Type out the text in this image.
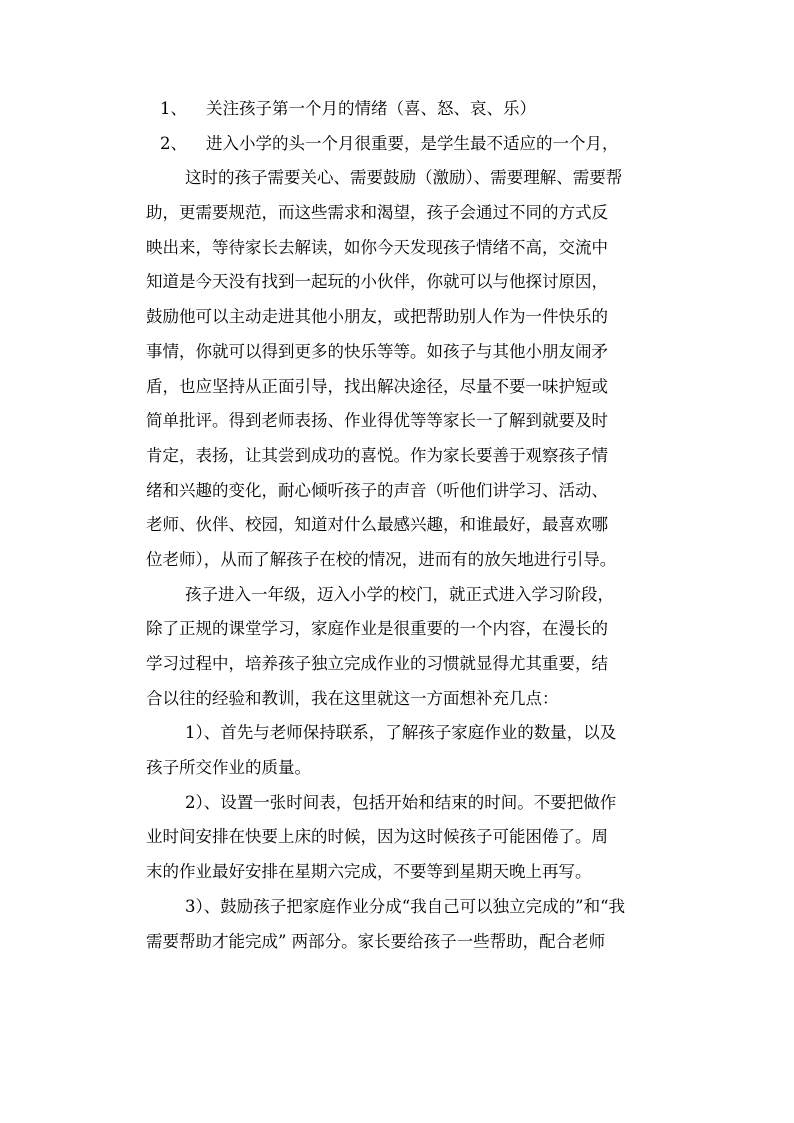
1、 关注孩子第一个月的情绪（喜、怒、哀、乐）
2、 进入小学的头一个月很重要，是学生最不适应的一个月，
这时的孩子需要关心、需要鼓励（激励）、需要理解、需要帮
助，更需要规范，而这些需求和渴望，孩子会通过不同的方式反
映出来，等待家长去解读，如你今天发现孩子情绪不高，交流中
知道是今天没有找到一起玩的小伙伴，你就可以与他探讨原因，
鼓励他可以主动走进其他小朋友，或把帮助别人作为一件快乐的
事情，你就可以得到更多的快乐等等。如孩子与其他小朋友闹矛
盾，也应坚持从正面引导，找出解决途径，尽量不要一味护短或
简单批评。得到老师表扬、作业得优等等家长一了解到就要及时
肯定，表扬，让其尝到成功的喜悦。作为家长要善于观察孩子情
绪和兴趣的变化，耐心倾听孩子的声音（听他们讲学习、活动、
老师、伙伴、校园，知道对什么最感兴趣，和谁最好，最喜欢哪
位老师），从而了解孩子在校的情况，进而有的放矢地进行引导。
孩子进入一年级，迈入小学的校门，就正式进入学习阶段，
除了正规的课堂学习，家庭作业是很重要的一个内容，在漫长的
学习过程中，培养孩子独立完成作业的习惯就显得尤其重要，结
合以往的经验和教训，我在这里就这一方面想补充几点：
1）、首先与老师保持联系，了解孩子家庭作业的数量，以及
孩子所交作业的质量。
2）、设置一张时间表，包括开始和结束的时间。不要把做作
业时间安排在快要上床的时候，因为这时候孩子可能困倦了。周
末的作业最好安排在星期六完成，不要等到星期天晚上再写。
3）、鼓励孩子把家庭作业分成“我自己可以独立完成的”和“我
需要帮助才能完成” 两部分。家长要给孩子一些帮助，配合老师
